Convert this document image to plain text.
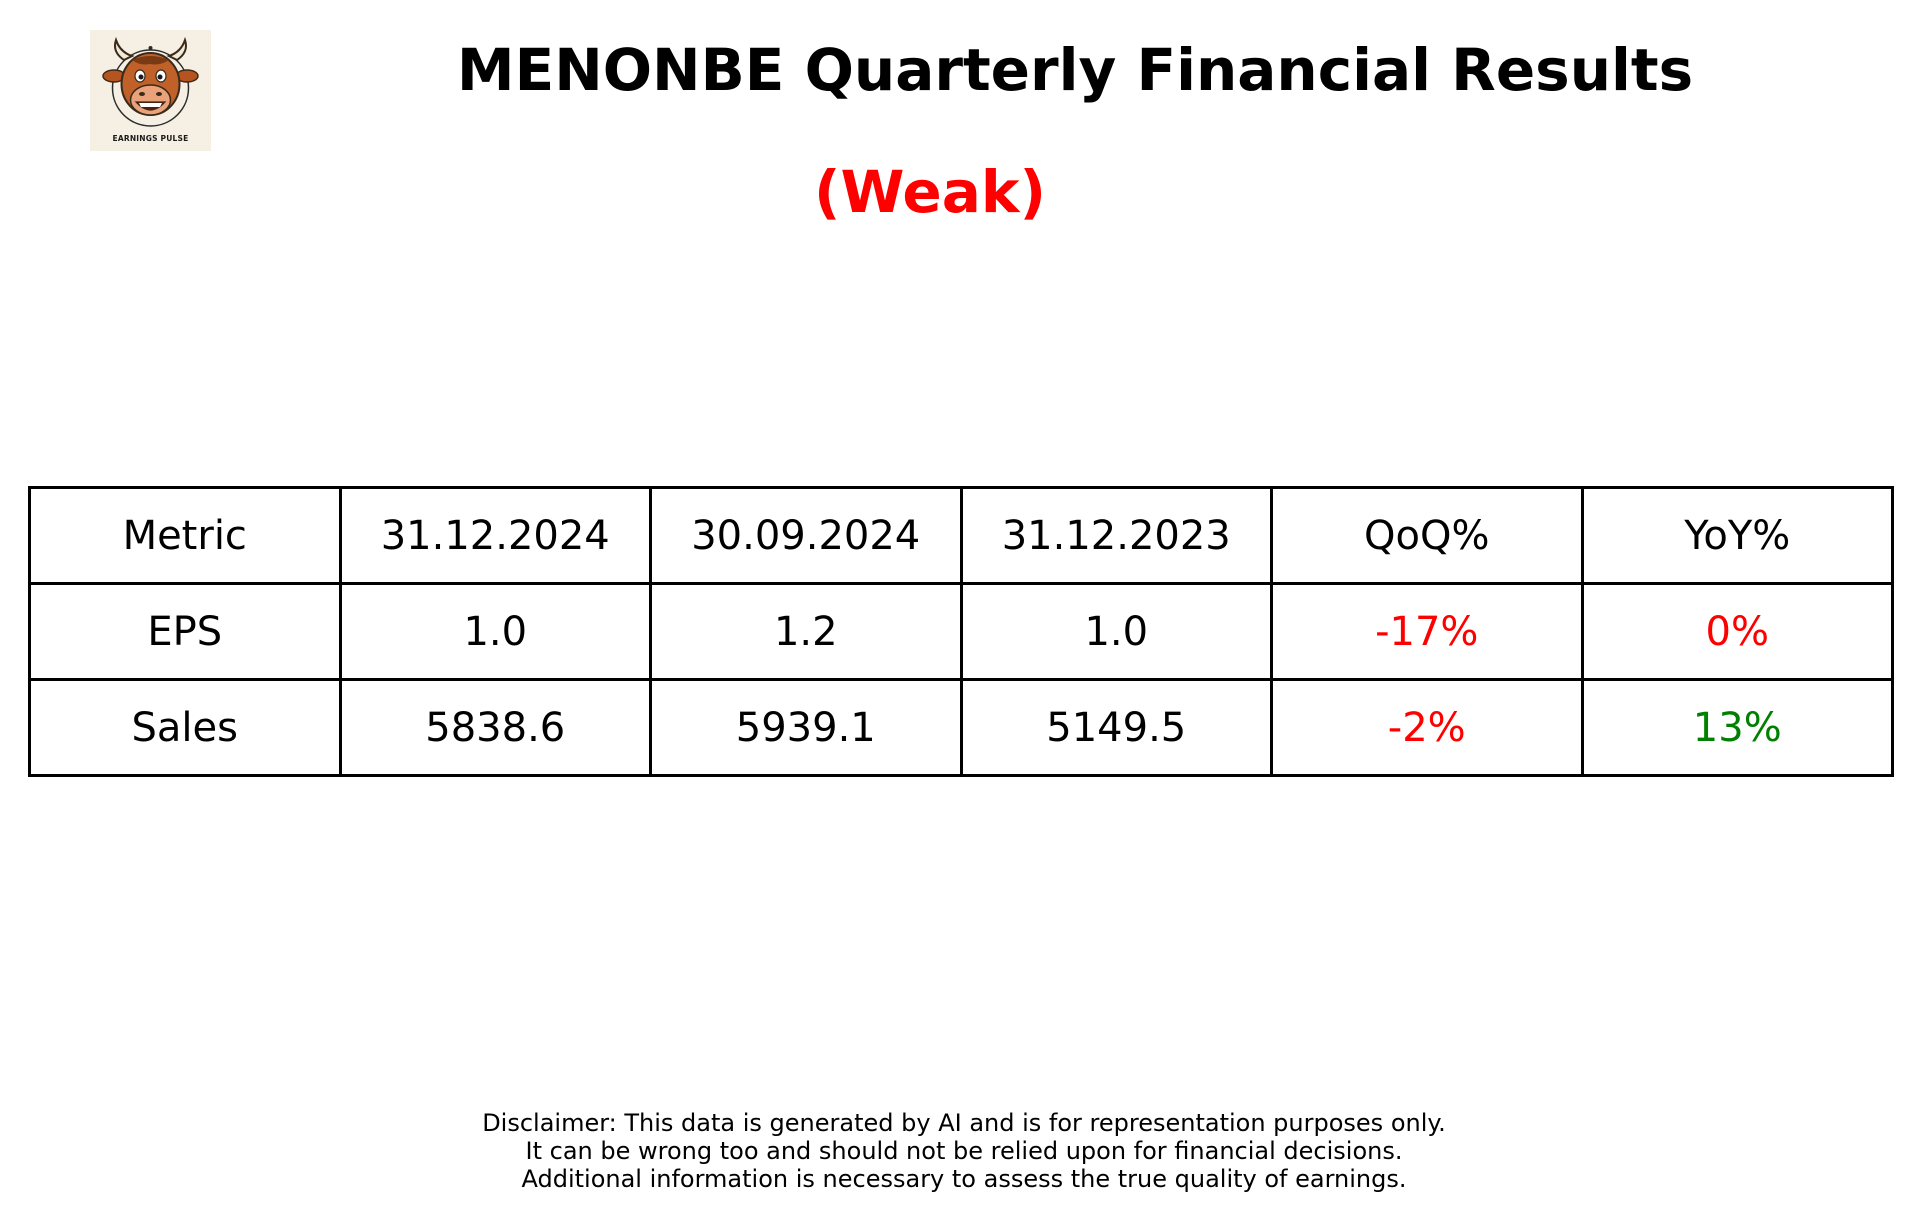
EARNINGS PULSE
MENONBE Quarterly Financial Results
(Weak)
Metric	31.12.2024	30.09.2024	31.12.2023	QoQ%	YoY%
EPS	1.0	1.2	1.0	-17%	0%
Sales	5838.6	5939.1	5149.5	-2%	13%
Disclaimer: This data is generated by AI and is for representation purposes only.
It can be wrong too and should not be relied upon for financial decisions.
Additional information is necessary to assess the true quality of earnings.
